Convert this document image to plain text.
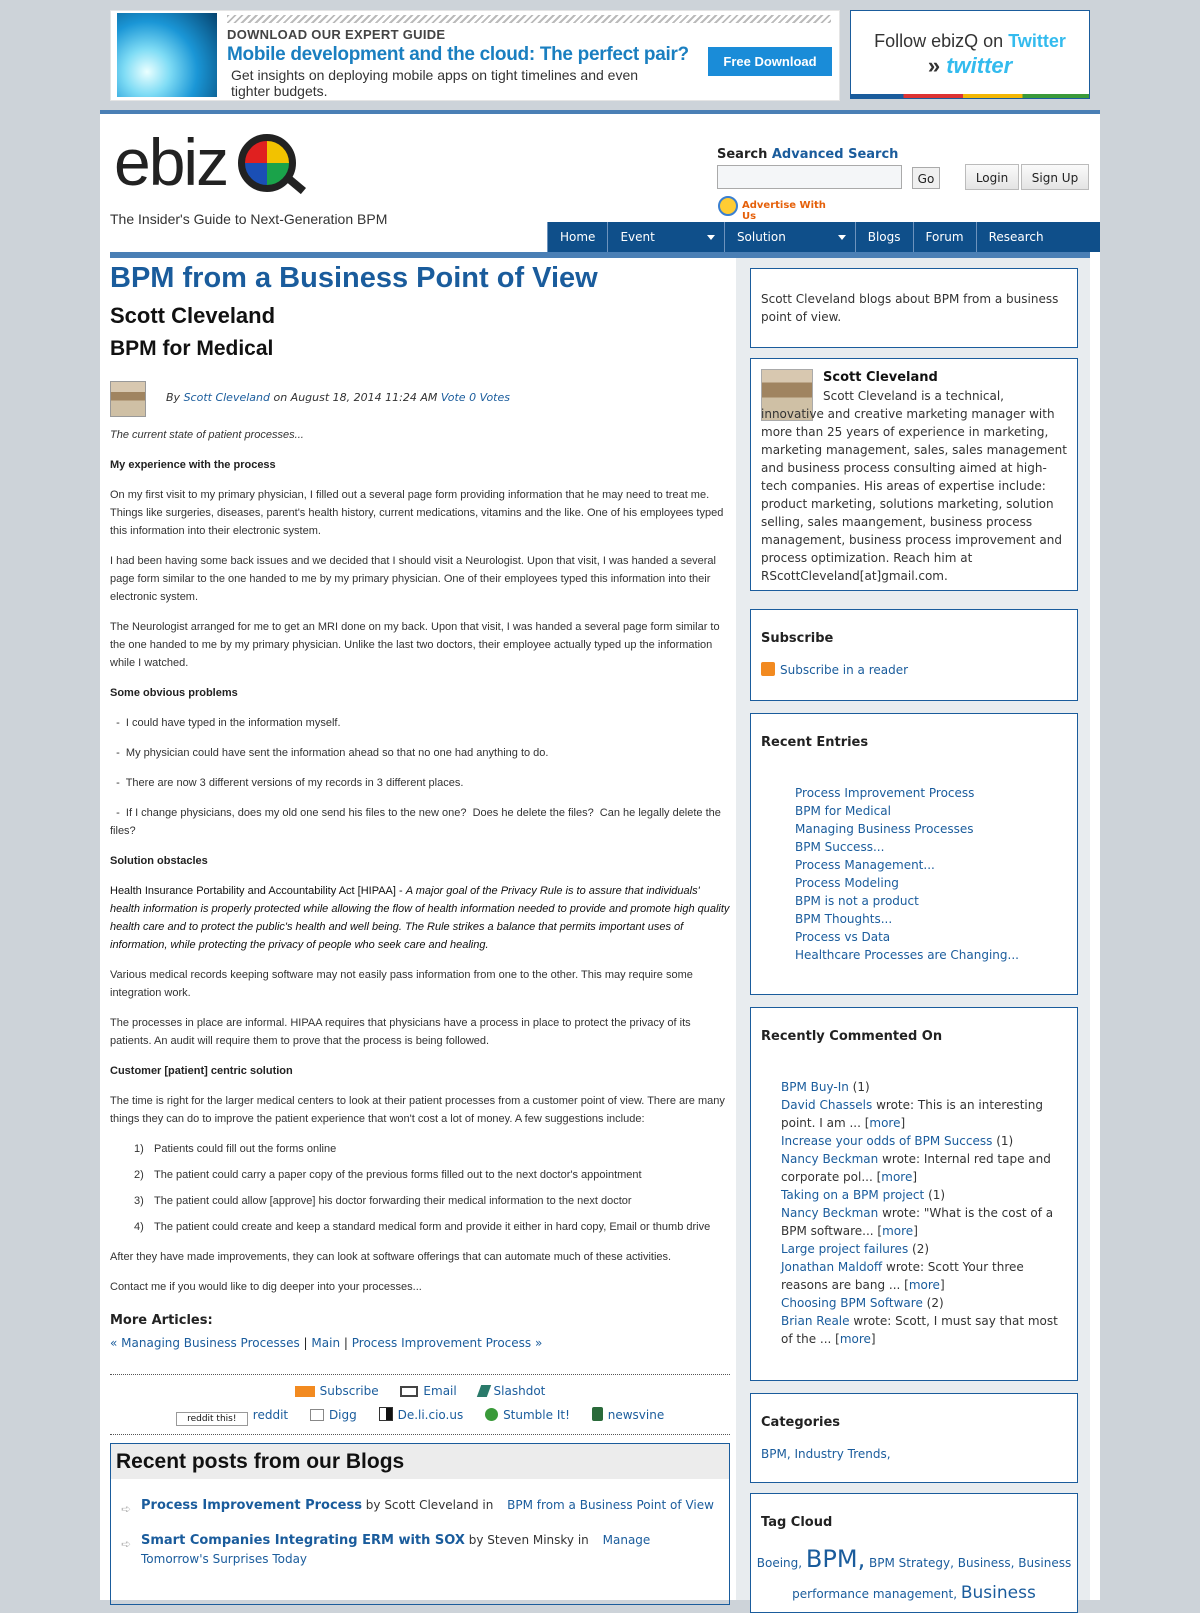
DOWNLOAD OUR EXPERT GUIDE
Mobile development and the cloud: The perfect pair?
Get insights on deploying mobile apps on tight timelines and even tighter budgets.
Free Download
Follow ebizQ on Twitter
» twitter
ebiz
The Insider's Guide to Next-Generation BPM
Search Advanced Search
Go
Advertise With Us
Login	Sign Up
Home	Event Center
Solution	Blogs	Forum	Research
BPM from a Business Point of View
Scott Cleveland
BPM for Medical
By Scott Cleveland on August 18, 2014 11:24 AM Vote 0 Votes

The current state of patient processes...

My experience with the process

On my first visit to my primary physician, I filled out a several page form providing information that he may need to treat me. Things like surgeries, diseases, parent's health history, current medications, vitamins and the like. One of his employees typed this information into their electronic system.

I had been having some back issues and we decided that I should visit a Neurologist. Upon that visit, I was handed a several page form similar to the one handed to me by my primary physician. One of their employees typed this information into their electronic system.

The Neurologist arranged for me to get an MRI done on my back. Upon that visit, I was handed a several page form similar to the one handed to me by my primary physician. Unlike the last two doctors, their employee actually typed up the information while I watched.

Some obvious problems

-  I could have typed in the information myself.

-  My physician could have sent the information ahead so that no one had anything to do.

-  There are now 3 different versions of my records in 3 different places.

-  If I change physicians, does my old one send his files to the new one?  Does he delete the files?  Can he legally delete the files?

Solution obstacles

Health Insurance Portability and Accountability Act [HIPAA] - A major goal of the Privacy Rule is to assure that individuals' health information is properly protected while allowing the flow of health information needed to provide and promote high quality health care and to protect the public's health and well being. The Rule strikes a balance that permits important uses of information, while protecting the privacy of people who seek care and healing.

Various medical records keeping software may not easily pass information from one to the other. This may require some integration work.

The processes in place are informal. HIPAA requires that physicians have a process in place to protect the privacy of its patients. An audit will require them to prove that the process is being followed.

Customer [patient] centric solution

The time is right for the larger medical centers to look at their patient processes from a customer point of view. There are many things they can do to improve the patient experience that won't cost a lot of money. A few suggestions include:

1) Patients could fill out the forms online
2) The patient could carry a paper copy of the previous forms filled out to the next doctor's appointment
3) The patient could allow [approve] his doctor forwarding their medical information to the next doctor
4) The patient could create and keep a standard medical form and provide it either in hard copy, Email or thumb drive

After they have made improvements, they can look at software offerings that can automate much of these activities.

Contact me if you would like to dig deeper into your processes...

More Articles:
« Managing Business Processes | Main | Process Improvement Process »
Subscribe	Email	Slashdot
reddit this! reddit	Digg	De.li.cio.us	Stumble It!	newsvine
Recent posts from our Blogs
➪ Process Improvement Process by Scott Cleveland in BPM from a Business Point of View
➪ Smart Companies Integrating ERM with SOX by Steven Minsky in Manage Tomorrow's Surprises Today
Scott Cleveland blogs about BPM from a business point of view.
Scott Cleveland
Scott Cleveland is a technical, innovative and creative marketing manager with more than 25 years of experience in marketing, marketing management, sales, sales management and business process consulting aimed at high-tech companies. His areas of expertise include: product marketing, solutions marketing, solution selling, sales maangement, business process management, business process improvement and process optimization. Reach him at RScottCleveland[at]gmail.com.
Subscribe
Subscribe in a reader
Recent Entries
Process Improvement Process
BPM for Medical
Managing Business Processes
BPM Success...
Process Management...
Process Modeling
BPM is not a product
BPM Thoughts...
Process vs Data
Healthcare Processes are Changing...
Recently Commented On
BPM Buy-In (1)
David Chassels wrote: This is an interesting point. I am ... [more]
Increase your odds of BPM Success (1)
Nancy Beckman wrote: Internal red tape and corporate pol... [more]
Taking on a BPM project (1)
Nancy Beckman wrote: "What is the cost of a BPM software... [more]
Large project failures (2)
Jonathan Maldoff wrote: Scott Your three reasons are bang ... [more]
Choosing BPM Software (2)
Brian Reale wrote: Scott, I must say that most of the ... [more]
Categories
BPM, Industry Trends,
Tag Cloud
Boeing, BPM, BPM Strategy, Business, Business performance management, Business
